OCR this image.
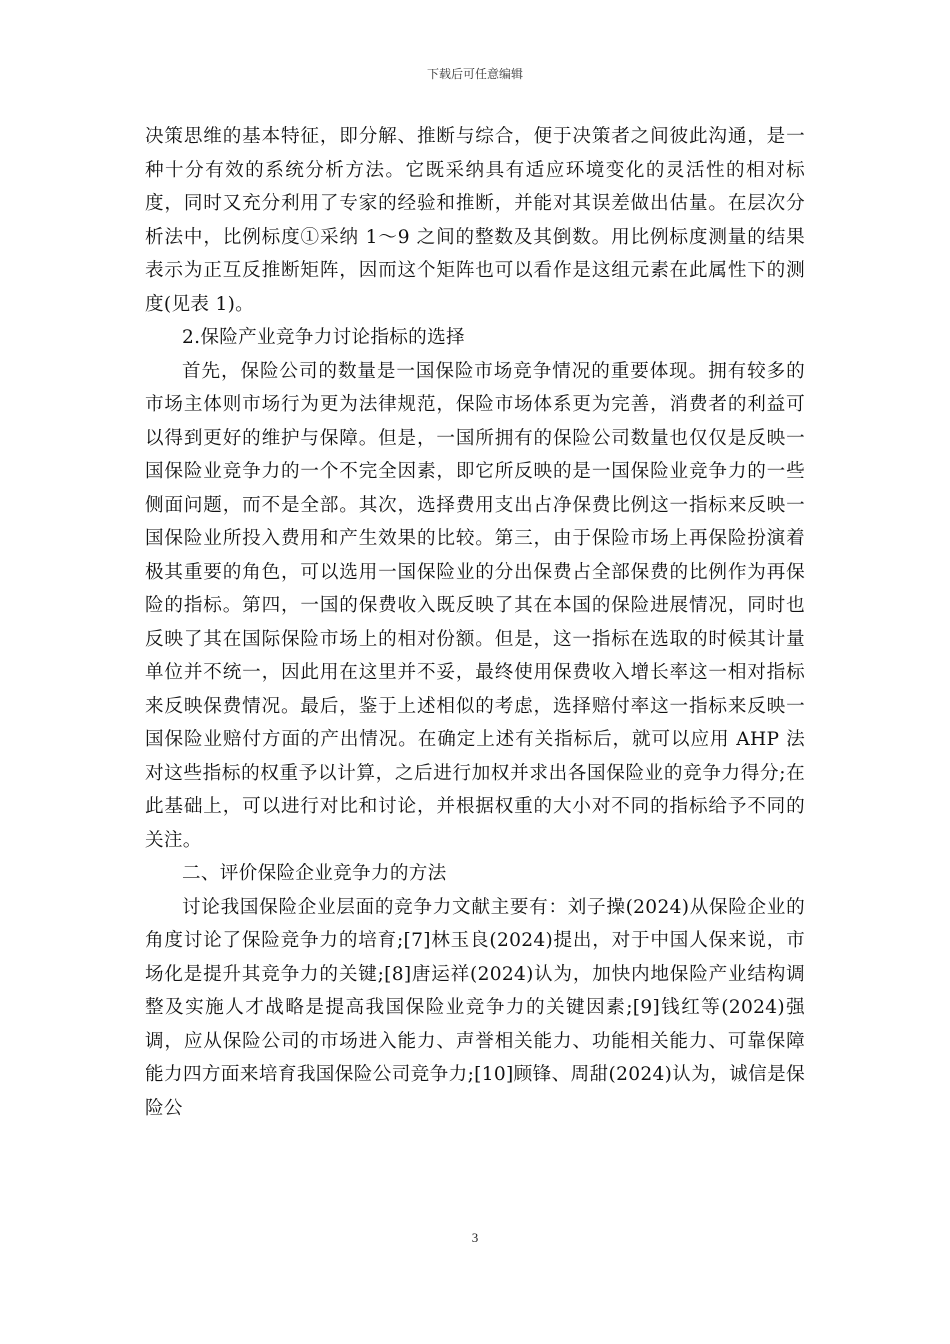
下载后可任意编辑

决策思维的基本特征，即分解、推断与综合，便于决策者之间彼此沟通，是一种十分有效的系统分析方法。它既采纳具有适应环境变化的灵活性的相对标度，同时又充分利用了专家的经验和推断，并能对其误差做出估量。在层次分析法中，比例标度①采纳 1～9 之间的整数及其倒数。用比例标度测量的结果表示为正互反推断矩阵，因而这个矩阵也可以看作是这组元素在此属性下的测度(见表 1)。

2.保险产业竞争力讨论指标的选择

首先，保险公司的数量是一国保险市场竞争情况的重要体现。拥有较多的市场主体则市场行为更为法律规范，保险市场体系更为完善，消费者的利益可以得到更好的维护与保障。但是，一国所拥有的保险公司数量也仅仅是反映一国保险业竞争力的一个不完全因素，即它所反映的是一国保险业竞争力的一些侧面问题，而不是全部。其次，选择费用支出占净保费比例这一指标来反映一国保险业所投入费用和产生效果的比较。第三，由于保险市场上再保险扮演着极其重要的角色，可以选用一国保险业的分出保费占全部保费的比例作为再保险的指标。第四，一国的保费收入既反映了其在本国的保险进展情况，同时也反映了其在国际保险市场上的相对份额。但是，这一指标在选取的时候其计量单位并不统一，因此用在这里并不妥，最终使用保费收入增长率这一相对指标来反映保费情况。最后，鉴于上述相似的考虑，选择赔付率这一指标来反映一国保险业赔付方面的产出情况。在确定上述有关指标后，就可以应用 AHP 法对这些指标的权重予以计算，之后进行加权并求出各国保险业的竞争力得分;在此基础上，可以进行对比和讨论，并根据权重的大小对不同的指标给予不同的关注。

二、评价保险企业竞争力的方法

讨论我国保险企业层面的竞争力文献主要有：刘子操(2024)从保险企业的角度讨论了保险竞争力的培育;[7]林玉良(2024)提出，对于中国人保来说，市场化是提升其竞争力的关键;[8]唐运祥(2024)认为，加快内地保险产业结构调整及实施人才战略是提高我国保险业竞争力的关键因素;[9]钱红等(2024)强调，应从保险公司的市场进入能力、声誉相关能力、功能相关能力、可靠保障能力四方面来培育我国保险公司竞争力;[10]顾锋、周甜(2024)认为，诚信是保险公

3
